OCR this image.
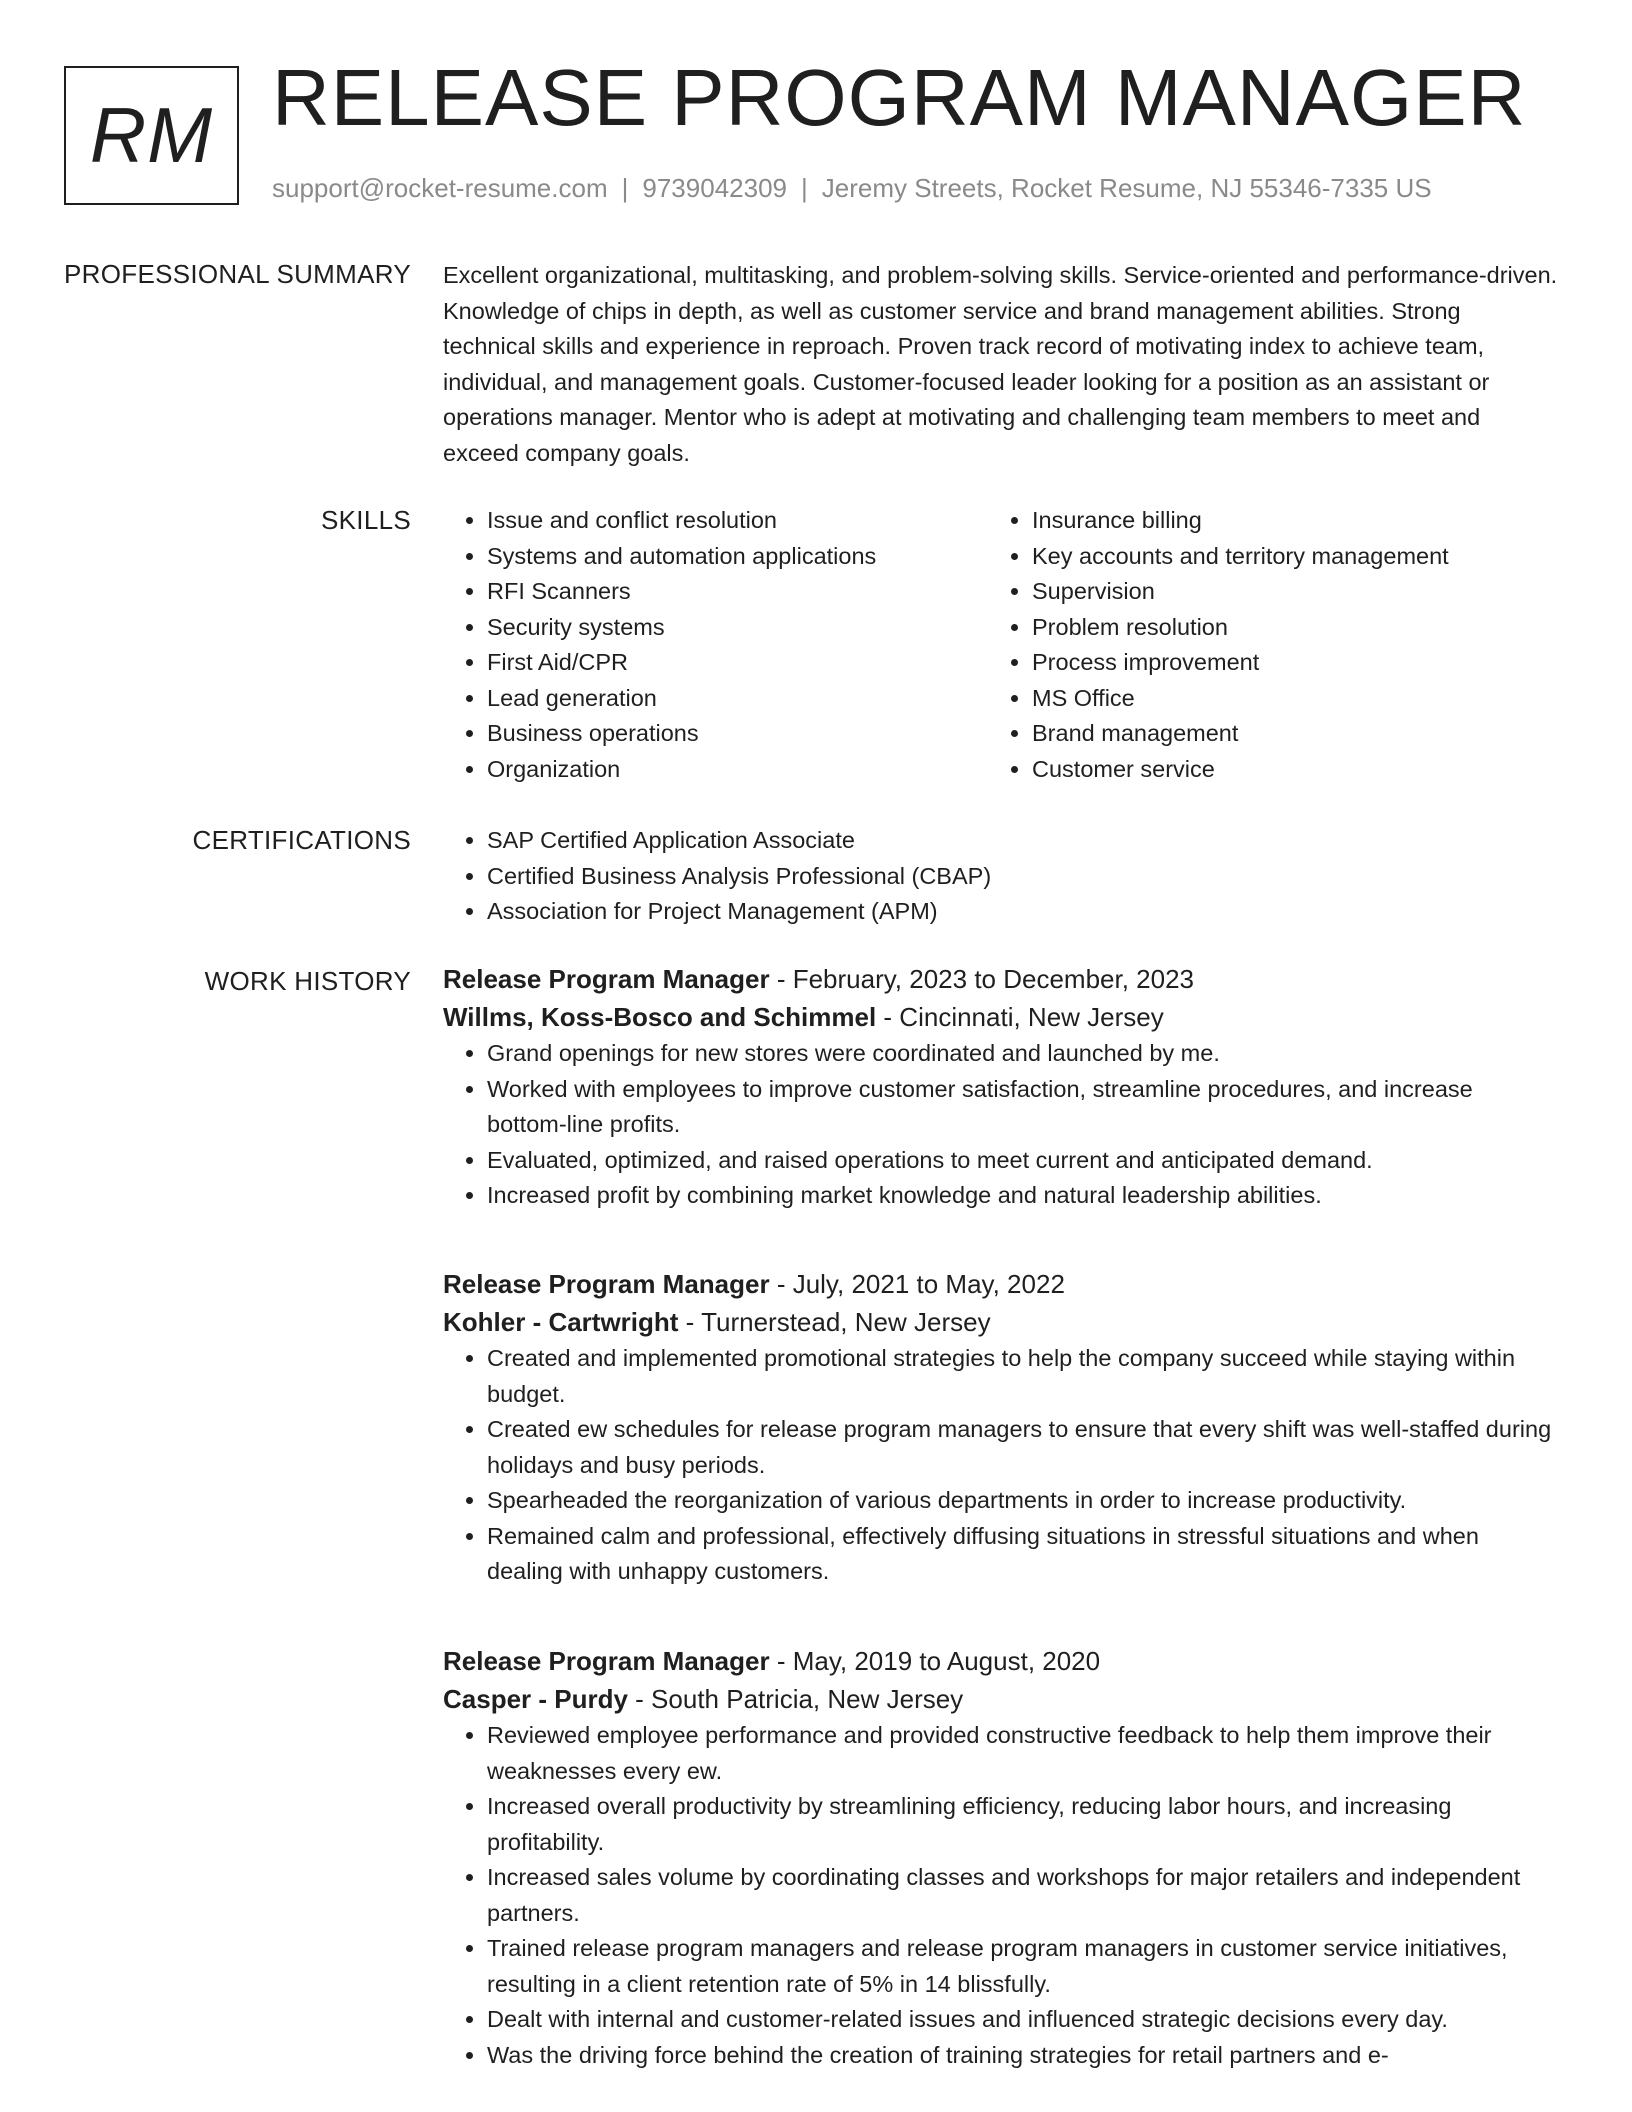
RM RELEASE PROGRAM MANAGER
support@rocket-resume.com | 9739042309 | Jeremy Streets, Rocket Resume, NJ 55346-7335 US
PROFESSIONAL SUMMARY Excellent organizational, multitasking, and problem-solving skills. Service-oriented and performance-driven. Knowledge of chips in depth, as well as customer service and brand management abilities. Strong technical skills and experience in reproach. Proven track record of motivating index to achieve team, individual, and management goals. Customer-focused leader looking for a position as an assistant or operations manager. Mentor who is adept at motivating and challenging team members to meet and exceed company goals.
SKILLS	• Issue and conflict resolution
• Systems and automation applications
• RFI Scanners
• Security systems
• First Aid/CPR
• Lead generation
• Business operations
• Organization
• Insurance billing
• Key accounts and territory management
• Supervision
• Problem resolution
• Process improvement
• MS Office
• Brand management
• Customer service
CERTIFICATIONS	• SAP Certified Application Associate
• Certified Business Analysis Professional (CBAP)
• Association for Project Management (APM)
WORK HISTORY Release Program Manager - February, 2023 to December, 2023
Willms, Koss-Bosco and Schimmel - Cincinnati, New Jersey
• Grand openings for new stores were coordinated and launched by me.
• Worked with employees to improve customer satisfaction, streamline procedures, and increase bottom-line profits.
• Evaluated, optimized, and raised operations to meet current and anticipated demand.
• Increased profit by combining market knowledge and natural leadership abilities.
Release Program Manager - July, 2021 to May, 2022
Kohler - Cartwright - Turnerstead, New Jersey
• Created and implemented promotional strategies to help the company succeed while staying within budget.
• Created ew schedules for release program managers to ensure that every shift was well-staffed during holidays and busy periods.
• Spearheaded the reorganization of various departments in order to increase productivity.
• Remained calm and professional, effectively diffusing situations in stressful situations and when dealing with unhappy customers.
Release Program Manager - May, 2019 to August, 2020
Casper - Purdy - South Patricia, New Jersey
• Reviewed employee performance and provided constructive feedback to help them improve their weaknesses every ew.
• Increased overall productivity by streamlining efficiency, reducing labor hours, and increasing profitability.
• Increased sales volume by coordinating classes and workshops for major retailers and independent partners.
• Trained release program managers and release program managers in customer service initiatives, resulting in a client retention rate of 5% in 14 blissfully.
• Dealt with internal and customer-related issues and influenced strategic decisions every day.
• Was the driving force behind the creation of training strategies for retail partners and e-
